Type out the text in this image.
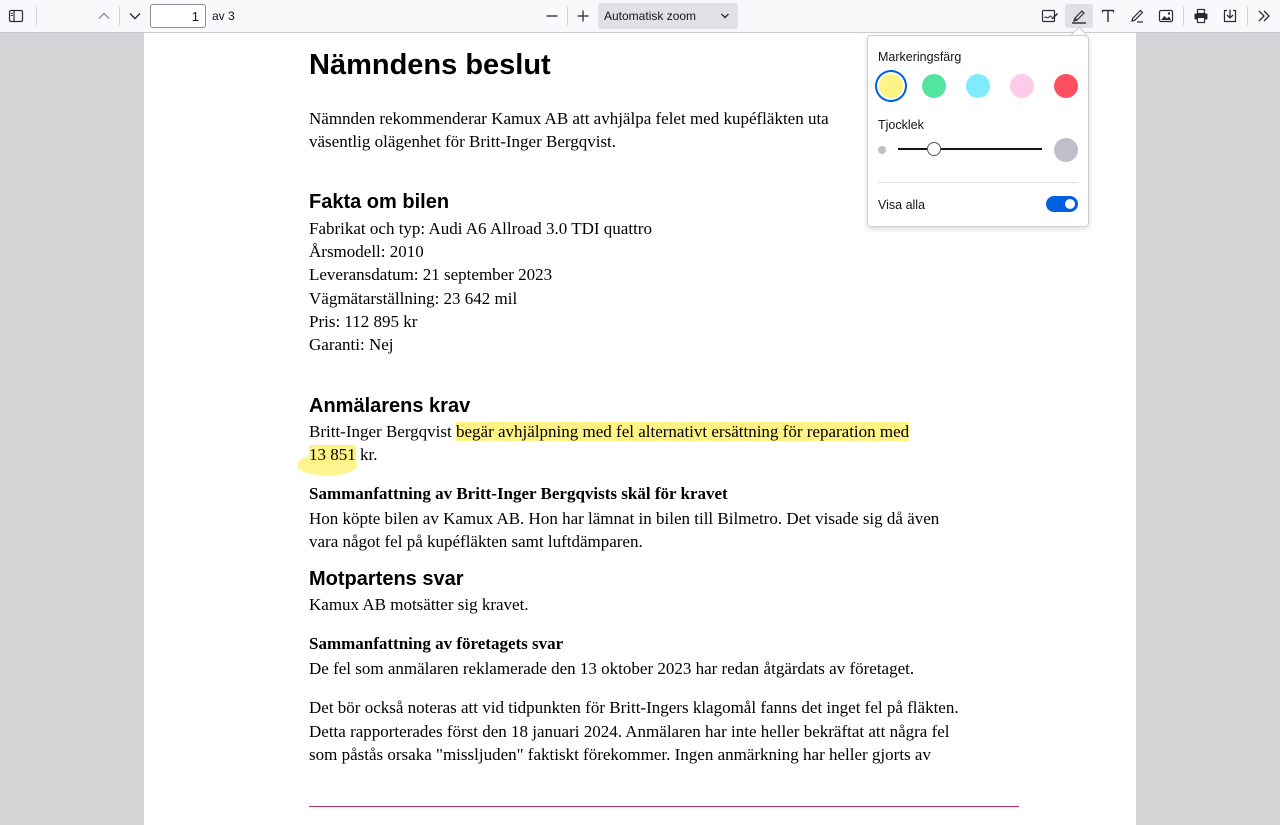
1
av 3	Automatisk zoom
Nämndens beslut
Nämnden rekommenderar Kamux AB att avhjälpa felet med kupéfläkten uta
väsentlig olägenhet för Britt-Inger Bergqvist.
Fakta om bilen
Fabrikat och typ: Audi A6 Allroad 3.0 TDI quattro
Årsmodell: 2010
Leveransdatum: 21 september 2023
Vägmätarställning: 23 642 mil
Pris: 112 895 kr
Garanti: Nej
Anmälarens krav
Britt-Inger Bergqvist begär avhjälpning med fel alternativt ersättning för reparation med
13 851 kr.
Sammanfattning av Britt-Inger Bergqvists skäl för kravet
Hon köpte bilen av Kamux AB. Hon har lämnat in bilen till Bilmetro. Det visade sig då även
vara något fel på kupéfläkten samt luftdämparen.
Motpartens svar
Kamux AB motsätter sig kravet.
Sammanfattning av företagets svar
De fel som anmälaren reklamerade den 13 oktober 2023 har redan åtgärdats av företaget.
Det bör också noteras att vid tidpunkten för Britt-Ingers klagomål fanns det inget fel på fläkten.
Detta rapporterades först den 18 januari 2024. Anmälaren har inte heller bekräftat att några fel
som påstås orsaka "missljuden" faktiskt förekommer. Ingen anmärkning har heller gjorts av
Markeringsfärg
Tjocklek
Visa alla
